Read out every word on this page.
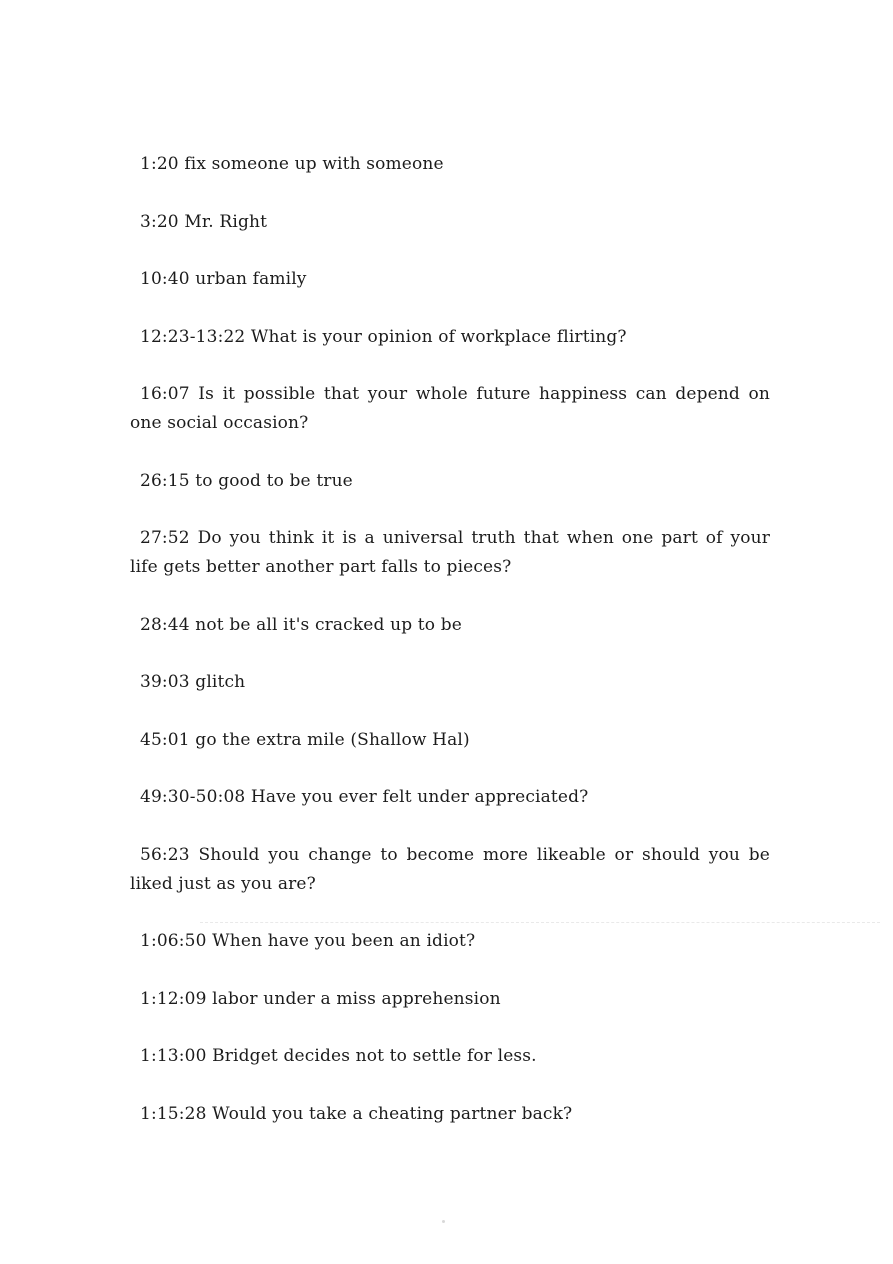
1:20 fix someone up with someone

3:20 Mr. Right

10:40 urban family

12:23-13:22 What is your opinion of workplace flirting?

16:07 Is it possible that your whole future happiness can depend on one social occasion?

26:15 to good to be true

27:52 Do you think it is a universal truth that when one part of your life gets better another part falls to pieces?

28:44 not be all it's cracked up to be

39:03 glitch

45:01 go the extra mile (Shallow Hal)

49:30-50:08 Have you ever felt under appreciated?

56:23 Should you change to become more likeable or should you be liked just as you are?

1:06:50 When have you been an idiot?

1:12:09 labor under a miss apprehension

1:13:00 Bridget decides not to settle for less.

1:15:28 Would you take a cheating partner back?
